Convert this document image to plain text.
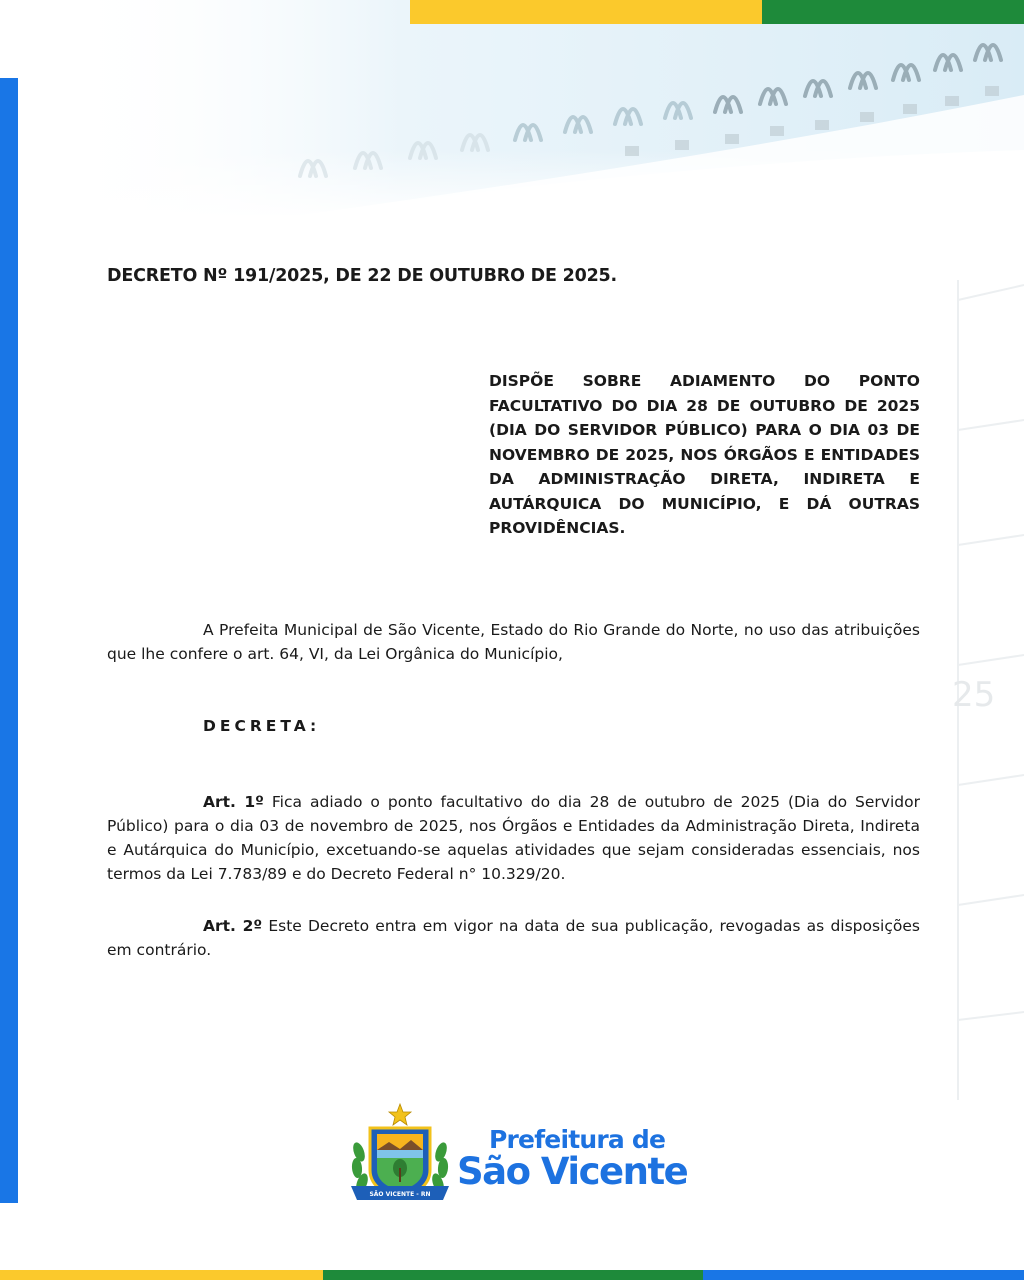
25
DECRETO Nº 191/2025, DE 22 DE OUTUBRO DE 2025.
DISPÕE SOBRE ADIAMENTO DO PONTO FACULTATIVO DO DIA 28 DE OUTUBRO DE 2025 (DIA DO SERVIDOR PÚBLICO) PARA O DIA 03 DE NOVEMBRO DE 2025, NOS ÓRGÃOS E ENTIDADES DA ADMINISTRAÇÃO DIRETA, INDIRETA E AUTÁRQUICA DO MUNICÍPIO, E DÁ OUTRAS PROVIDÊNCIAS.
A Prefeita Municipal de São Vicente, Estado do Rio Grande do Norte, no uso das atribuições que lhe confere o art. 64, VI, da Lei Orgânica do Município,
DECRETA:
Art. 1º Fica adiado o ponto facultativo do dia 28 de outubro de 2025 (Dia do Servidor Público) para o dia 03 de novembro de 2025, nos Órgãos e Entidades da Administração Direta, Indireta e Autárquica do Município, excetuando-se aquelas atividades que sejam consideradas essenciais, nos termos da Lei 7.783/89 e do Decreto Federal n° 10.329/20.
Art. 2º Este Decreto entra em vigor na data de sua publicação, revogadas as disposições em contrário.
SÃO VICENTE - RN
Prefeitura de
São Vicente
